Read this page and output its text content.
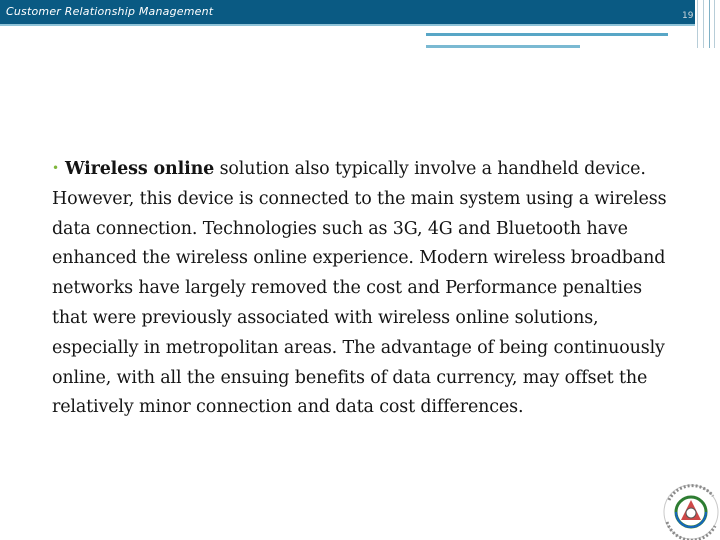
Customer Relationship Management	19
• Wireless online solution also typically involve a handheld device. However, this device is connected to the main system using a wireless data connection. Technologies such as 3G, 4G and Bluetooth have enhanced the wireless online experience. Modern wireless broadband networks have largely removed the cost and Performance penalties that were previously associated with wireless online solutions, especially in metropolitan areas. The advantage of being continuously online, with all the ensuing benefits of data currency, may offset the relatively minor connection and data cost differences.
